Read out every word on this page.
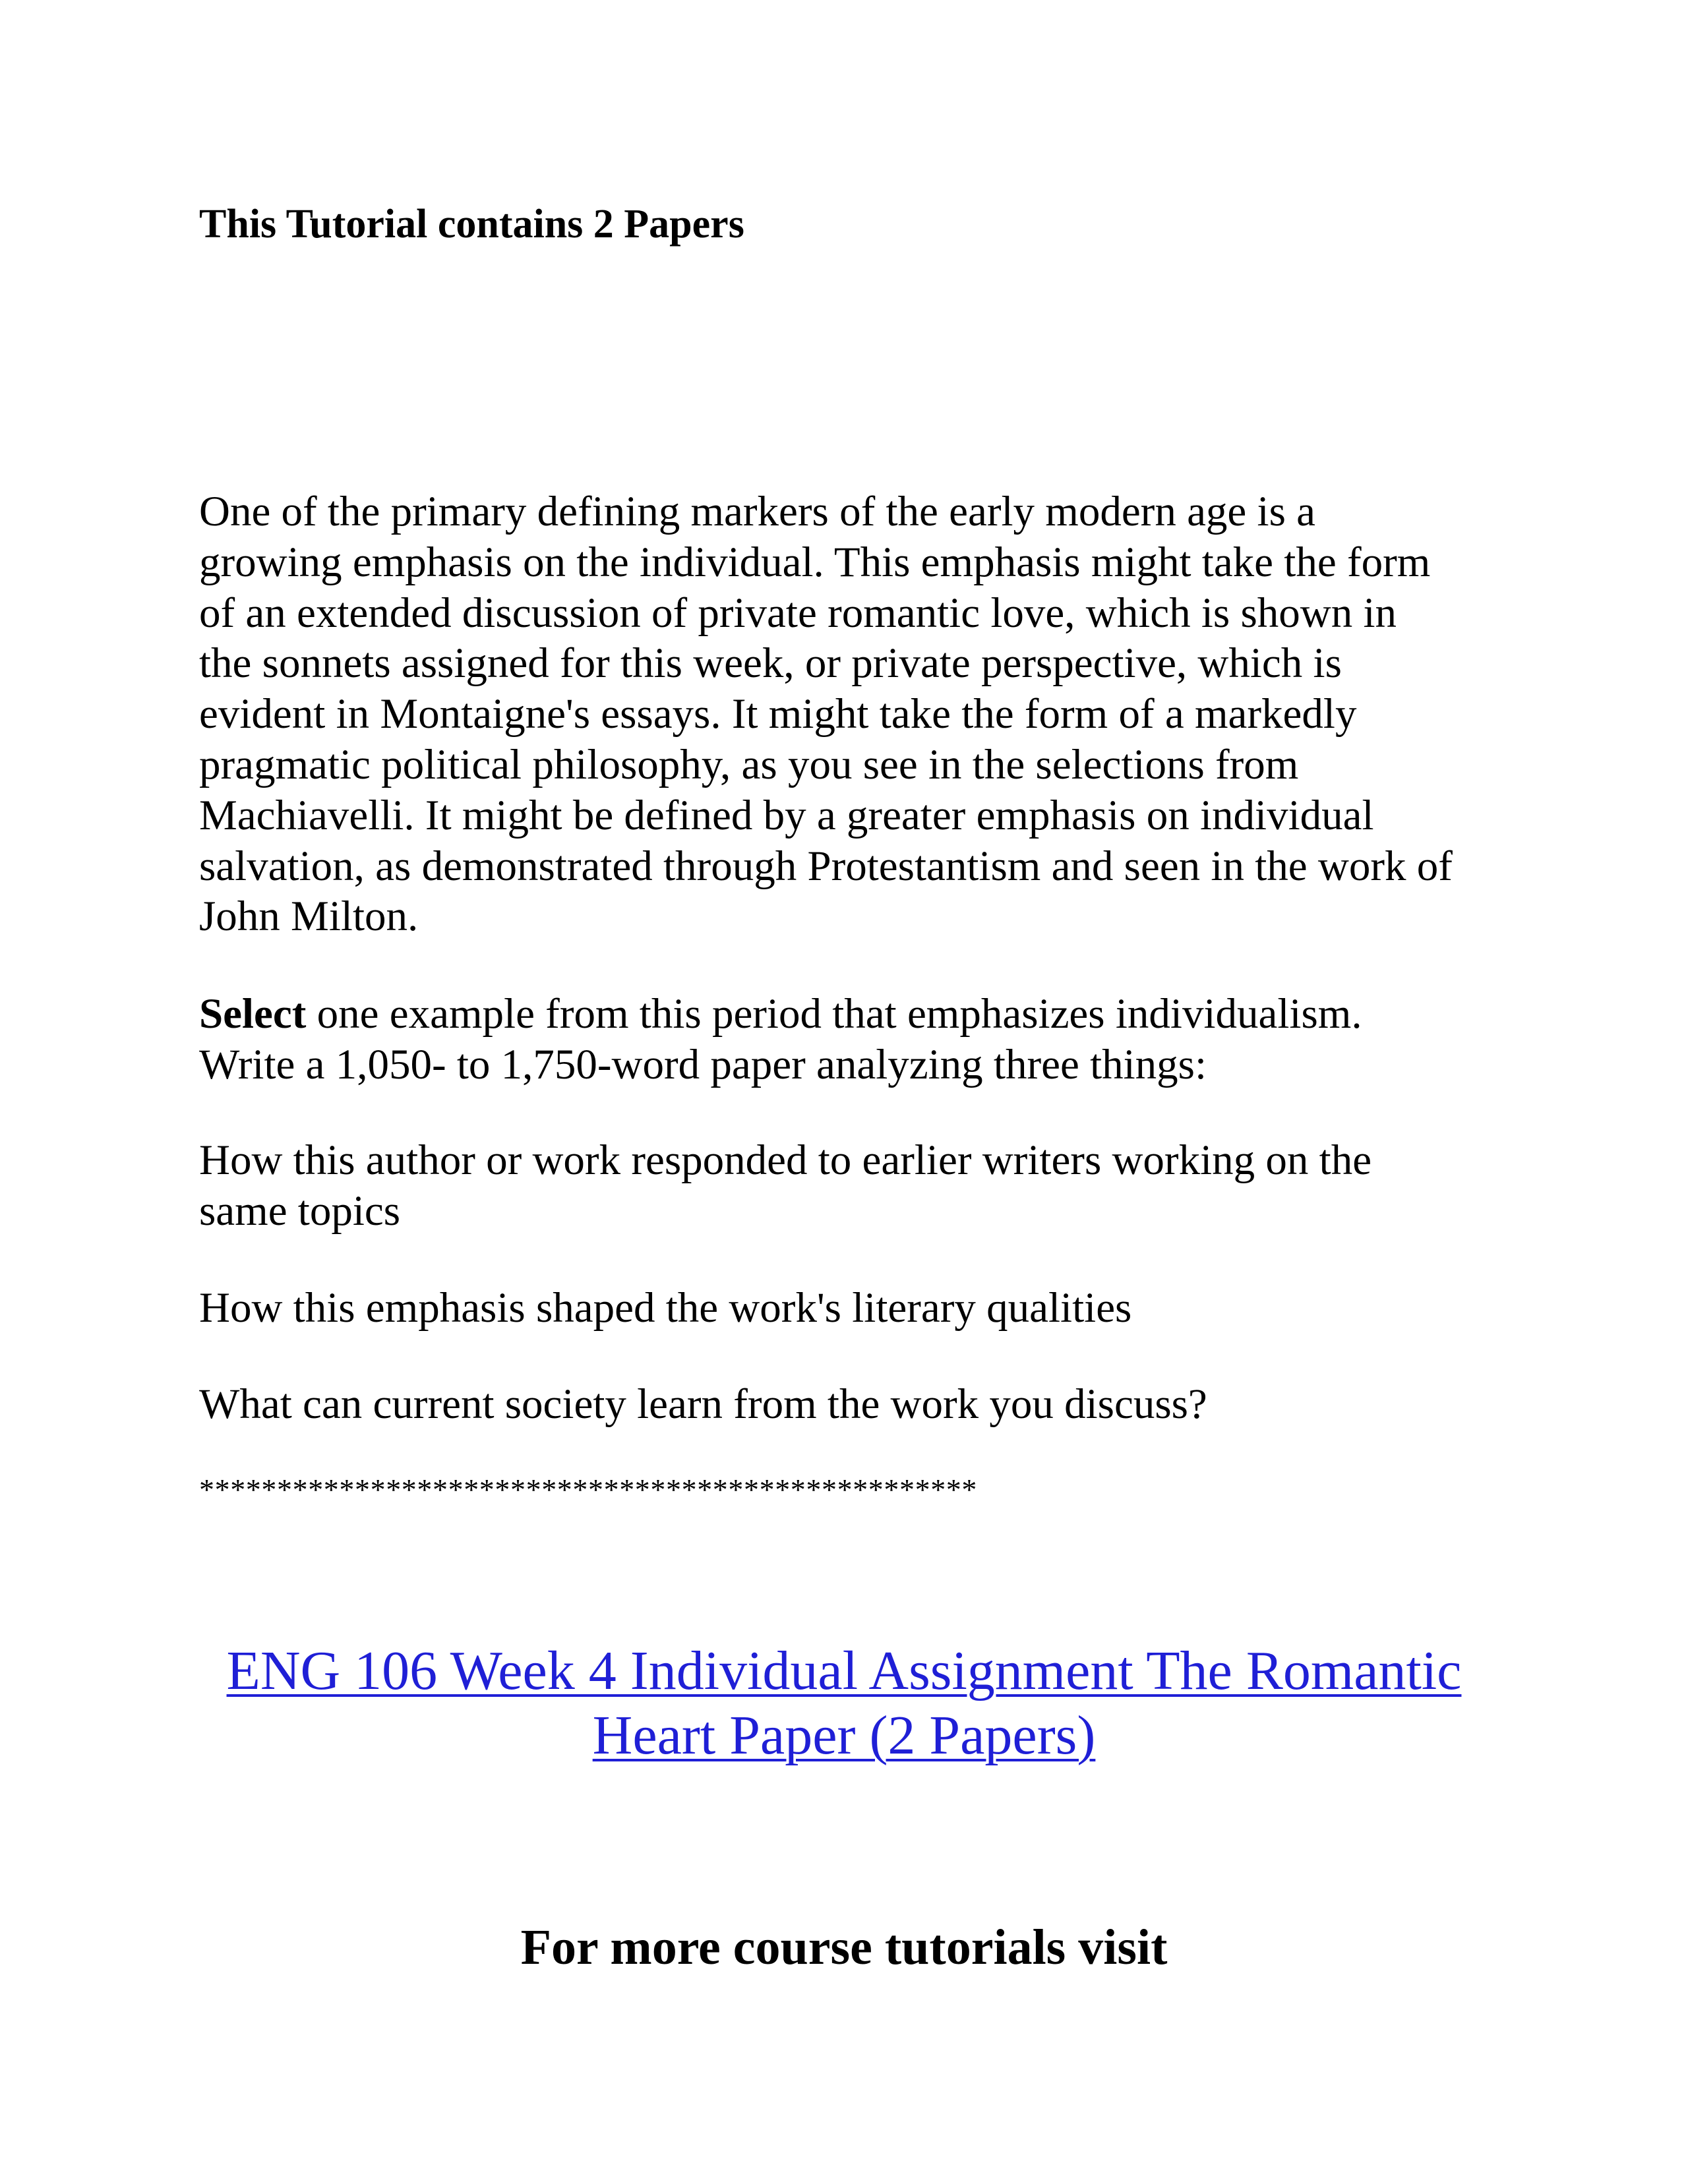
This Tutorial contains 2 Papers

One of the primary defining markers of the early modern age is a
growing emphasis on the individual. This emphasis might take the form
of an extended discussion of private romantic love, which is shown in
the sonnets assigned for this week, or private perspective, which is
evident in Montaigne's essays. It might take the form of a markedly
pragmatic political philosophy, as you see in the selections from
Machiavelli. It might be defined by a greater emphasis on individual
salvation, as demonstrated through Protestantism and seen in the work of
John Milton.

Select one example from this period that emphasizes individualism.
Write a 1,050- to 1,750-word paper analyzing three things:

How this author or work responded to earlier writers working on the
same topics

How this emphasis shaped the work's literary qualities

What can current society learn from the work you discuss?

**************************************************
ENG 106 Week 4 Individual Assignment The Romantic
Heart Paper (2 Papers)
For more course tutorials visit
